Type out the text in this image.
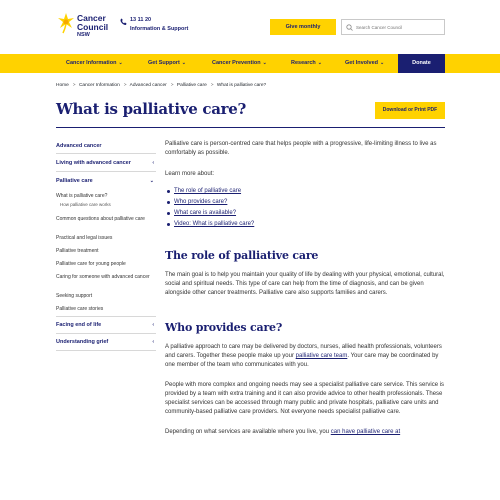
Cancer
Council
NSW
13 11 20
Information & Support	Give monthly
Search Cancer Council
Cancer Information ⌄	Get Support ⌄	Cancer Prevention ⌄	Research ⌄	Get Involved ⌄	Donate
Home > Cancer Information > Advanced cancer > Palliative care > What is palliative care?
What is palliative care?	Download or Print PDF
Advanced cancer
Living with advanced cancer	‹
Palliative care	⌄
What is palliative care?
How palliative care works
Common questions about palliative care
Practical and legal issues
Palliative treatment
Palliative care for young people
Caring for someone with advanced cancer
Seeking support
Palliative care stories
Facing end of life	‹
Understanding grief	‹

Palliative care is person-centred care that helps people with a progressive, life-limiting illness to live as comfortably as possible.

Learn more about:

The role of palliative care
Who provides care?
What care is available?
Video: What is palliative care?
The role of palliative care

The main goal is to help you maintain your quality of life by dealing with your physical, emotional, cultural, social and spiritual needs. This type of care can help from the time of diagnosis, and can be given alongside other cancer treatments. Palliative care also supports families and carers.

Who provides care?

A palliative approach to care may be delivered by doctors, nurses, allied health professionals, volunteers and carers. Together these people make up your palliative care team. Your care may be coordinated by one member of the team who communicates with you.

People with more complex and ongoing needs may see a specialist palliative care service. This service is provided by a team with extra training and it can also provide advice to other health professionals. These specialist services can be accessed through many public and private hospitals, palliative care units and community-based palliative care providers. Not everyone needs specialist palliative care.

Depending on what services are available where you live, you can have palliative care at
